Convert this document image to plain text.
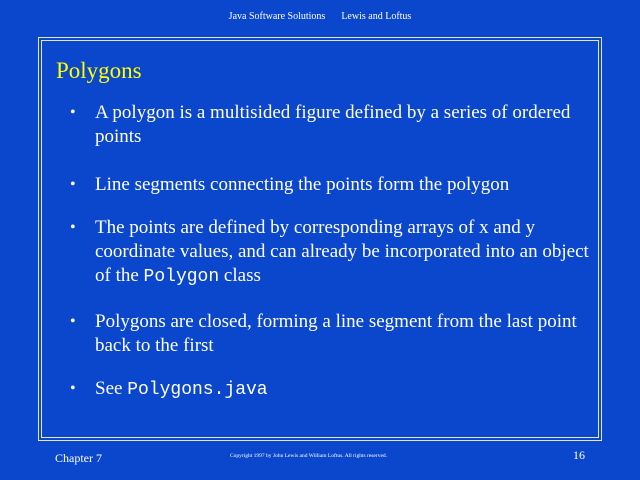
Java Software Solutions Lewis and Loftus
Polygons
• A polygon is a multisided figure defined by a series of ordered points
• Line segments connecting the points form the polygon
• The points are defined by corresponding arrays of x and y coordinate values, and can already be incorporated into an object of the Polygon class
• Polygons are closed, forming a line segment from the last point back to the first
• See Polygons.java
Chapter 7	Copyright 1997 by John Lewis and William Loftus. All rights reserved.	16
